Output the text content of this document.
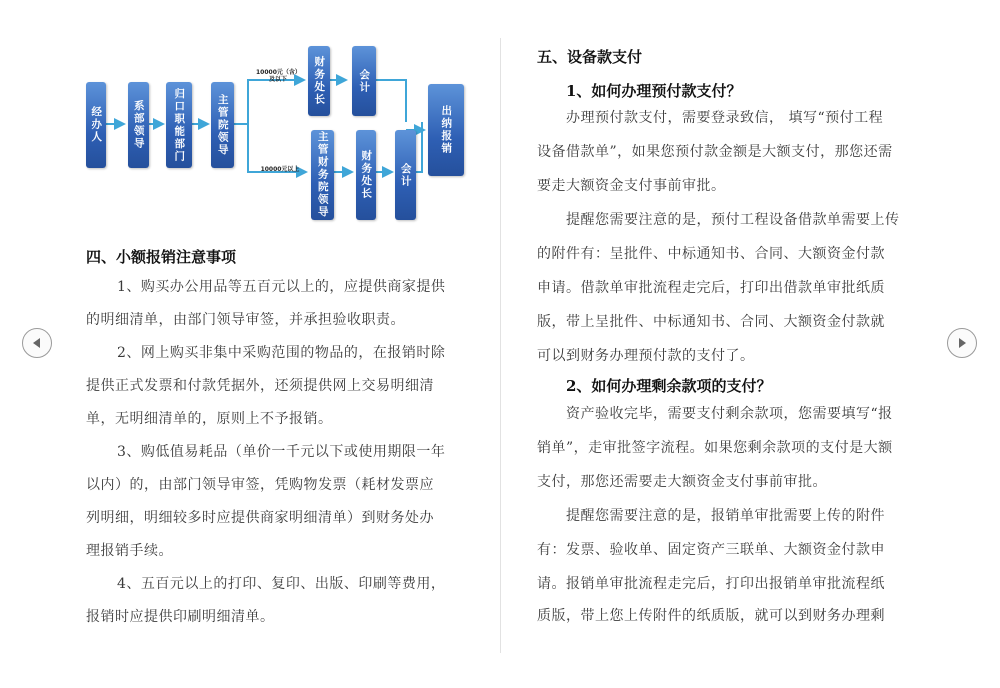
经办人	系部领导	归口职能部门	主管院领导
10000元（含）
及以下
10000元以上
财务处长	会计
主管财务院领导	财务处长	会计
出纳报销
四、小额报销注意事项
1、购买办公用品等五百元以上的，应提供商家提供
的明细清单，由部门领导审签，并承担验收职责。
2、网上购买非集中采购范围的物品的，在报销时除
提供正式发票和付款凭据外，还须提供网上交易明细清
单，无明细清单的，原则上不予报销。
3、购低值易耗品（单价一千元以下或使用期限一年
以内）的，由部门领导审签，凭购物发票（耗材发票应
列明细，明细较多时应提供商家明细清单）到财务处办
理报销手续。
4、五百元以上的打印、复印、出版、印刷等费用，
报销时应提供印刷明细清单。
五、设备款支付
1、如何办理预付款支付？
办理预付款支付，需要登录致信， 填写“预付工程
设备借款单”，如果您预付款金额是大额支付，那您还需
要走大额资金支付事前审批。
提醒您需要注意的是，预付工程设备借款单需要上传
的附件有：呈批件、中标通知书、合同、大额资金付款
申请。借款单审批流程走完后，打印出借款单审批纸质
版，带上呈批件、中标通知书、合同、大额资金付款就
可以到财务办理预付款的支付了。
2、如何办理剩余款项的支付？
资产验收完毕，需要支付剩余款项，您需要填写“报
销单”，走审批签字流程。如果您剩余款项的支付是大额
支付，那您还需要走大额资金支付事前审批。
提醒您需要注意的是，报销单审批需要上传的附件
有：发票、验收单、固定资产三联单、大额资金付款申
请。报销单审批流程走完后，打印出报销单审批流程纸
质版，带上您上传附件的纸质版，就可以到财务办理剩
